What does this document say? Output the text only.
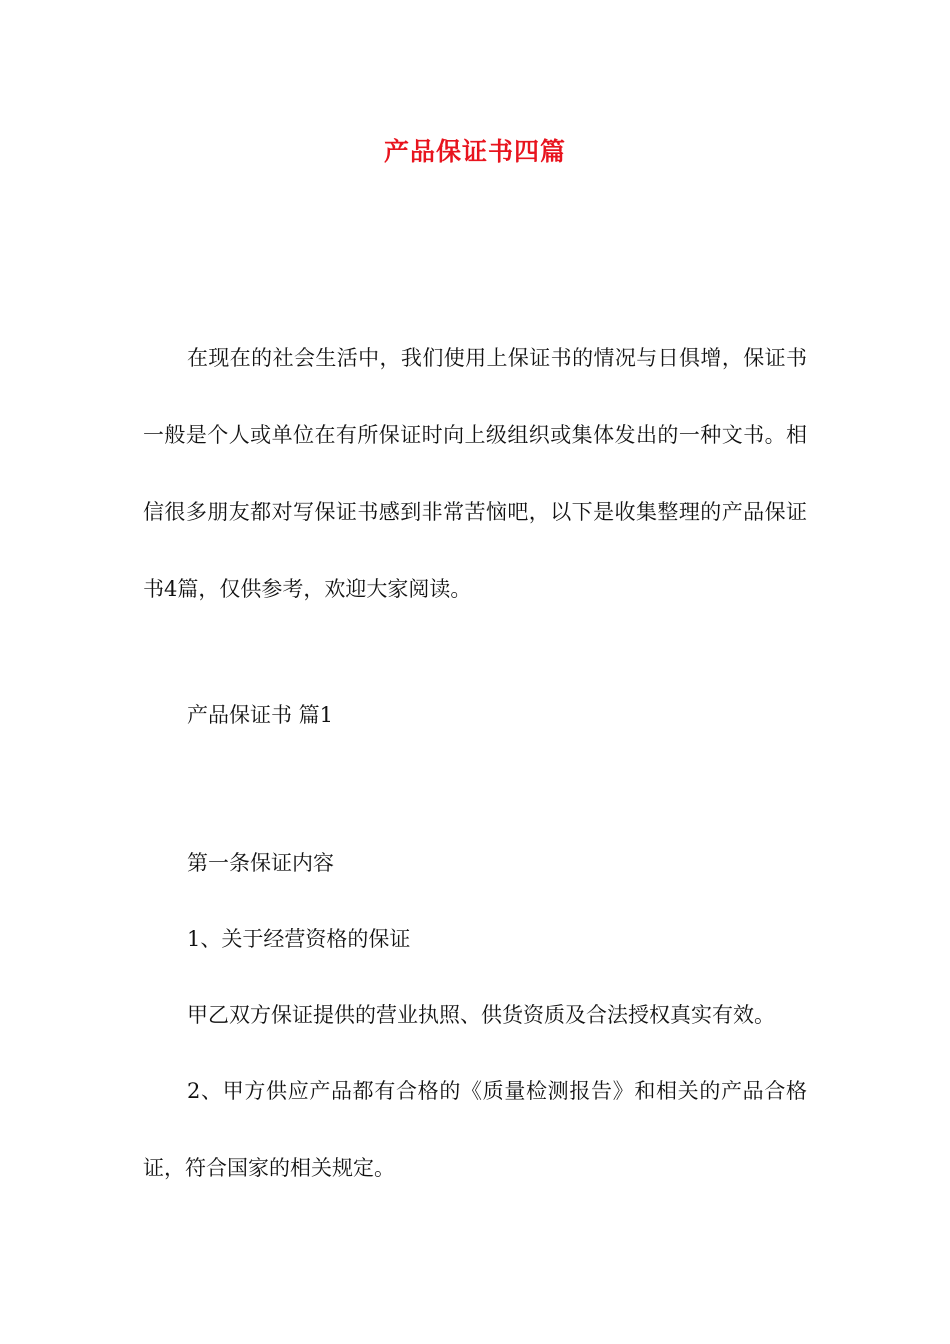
产品保证书四篇

在现在的社会生活中，我们使用上保证书的情况与日俱增，保证书一般是个人或单位在有所保证时向上级组织或集体发出的一种文书。相信很多朋友都对写保证书感到非常苦恼吧，以下是收集整理的产品保证书4篇，仅供参考，欢迎大家阅读。

产品保证书 篇1

第一条保证内容

1、关于经营资格的保证

甲乙双方保证提供的营业执照、供货资质及合法授权真实有效。

2、甲方供应产品都有合格的《质量检测报告》和相关的产品合格证，符合国家的相关规定。
